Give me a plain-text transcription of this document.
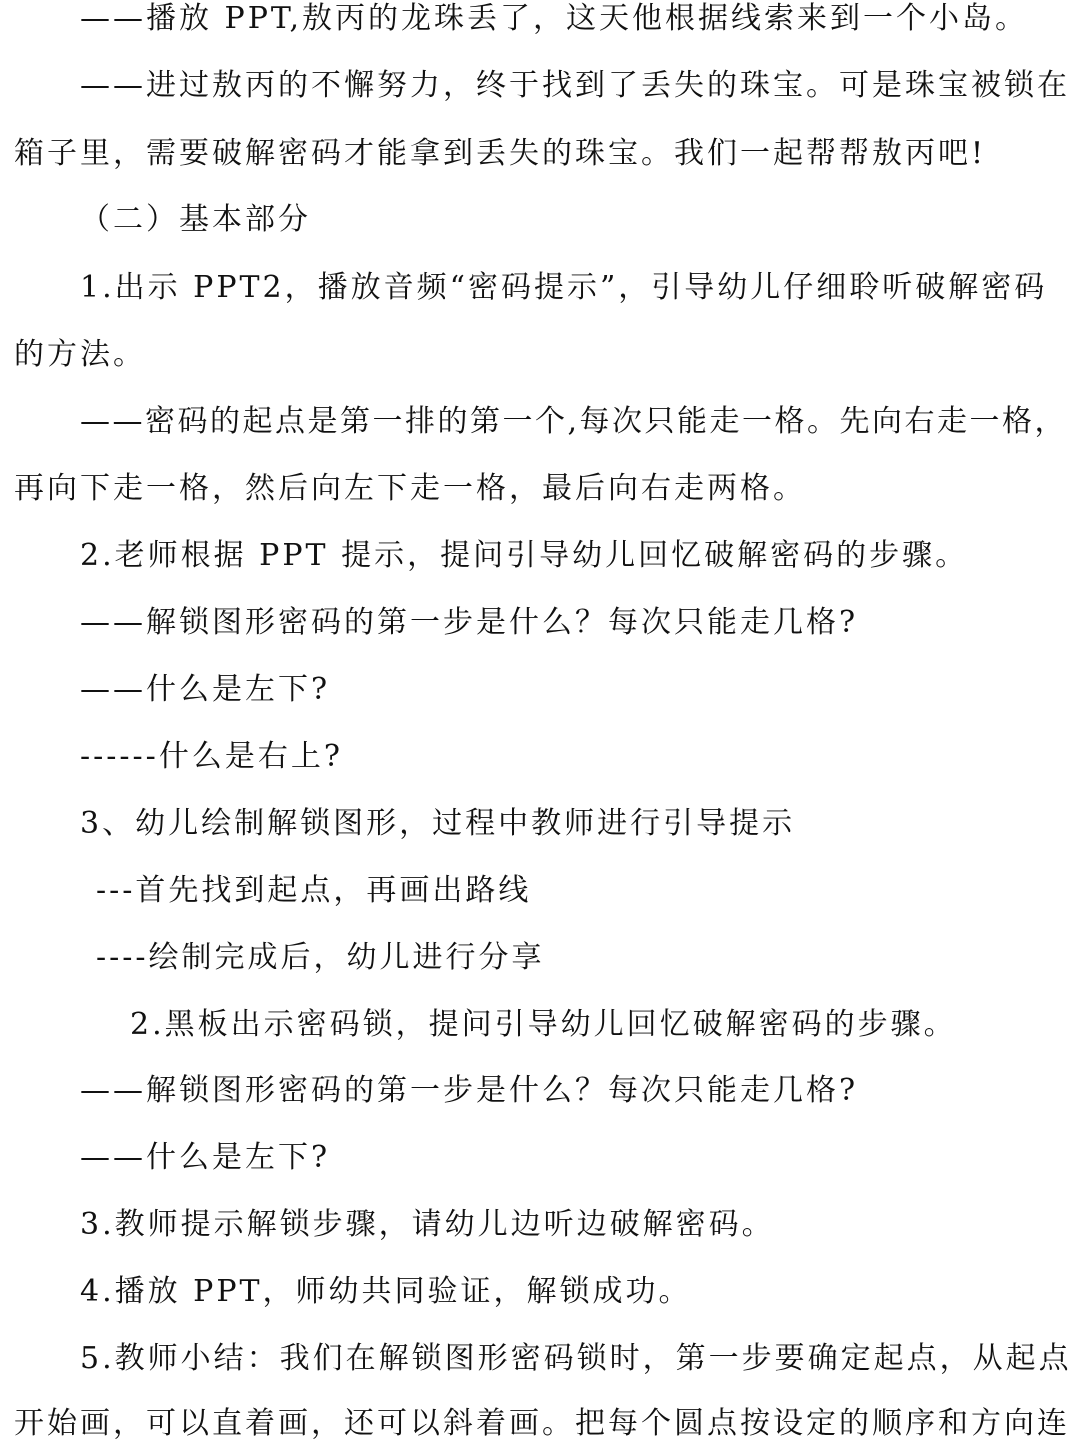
——播放 PPT,敖丙的龙珠丢了，这天他根据线索来到一个小岛。
——进过敖丙的不懈努力，终于找到了丢失的珠宝。可是珠宝被锁在
箱子里，需要破解密码才能拿到丢失的珠宝。我们一起帮帮敖丙吧!
（二）基本部分
1.出示 PPT2，播放音频“密码提示”，引导幼儿仔细聆听破解密码
的方法。
——密码的起点是第一排的第一个,每次只能走一格。先向右走一格，
再向下走一格，然后向左下走一格，最后向右走两格。
2.老师根据 PPT 提示，提问引导幼儿回忆破解密码的步骤。
——解锁图形密码的第一步是什么？每次只能走几格?
——什么是左下?
------什么是右上?
3、幼儿绘制解锁图形，过程中教师进行引导提示
---首先找到起点，再画出路线
----绘制完成后，幼儿进行分享
2.黑板出示密码锁，提问引导幼儿回忆破解密码的步骤。
——解锁图形密码的第一步是什么？每次只能走几格?
——什么是左下?
3.教师提示解锁步骤，请幼儿边听边破解密码。
4.播放 PPT，师幼共同验证，解锁成功。
5.教师小结：我们在解锁图形密码锁时，第一步要确定起点，从起点
开始画，可以直着画，还可以斜着画。把每个圆点按设定的顺序和方向连
